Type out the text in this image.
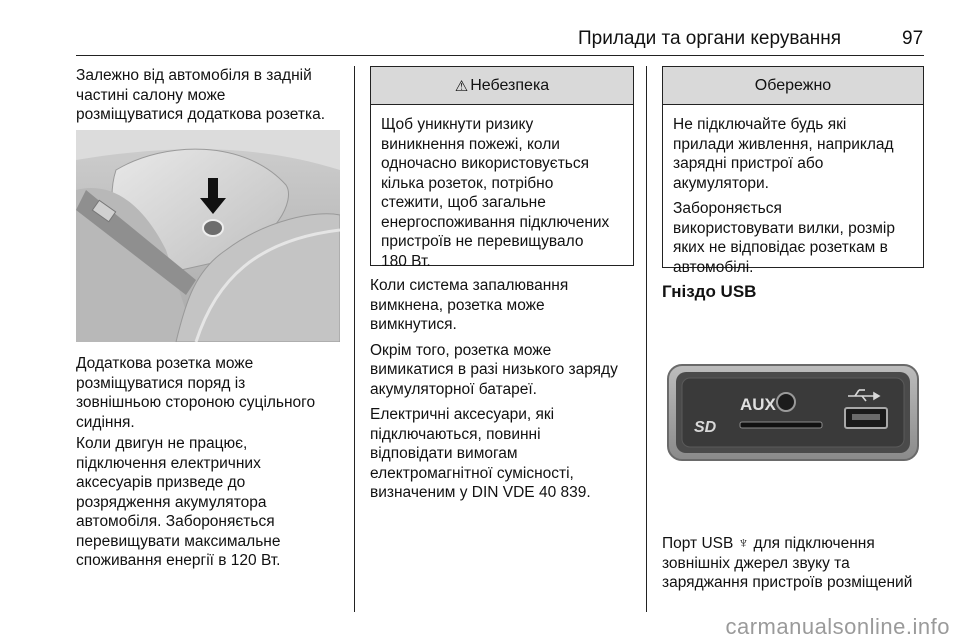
Прилади та органи керування	97
Залежно від автомобіля в задній
частині салону може
розміщуватися додаткова розетка.
Додаткова розетка може
розміщуватися поряд із
зовнішньою стороною суцільного
сидіння.
Коли двигун не працює,
підключення електричних
аксесуарів призведе до
розрядження акумулятора
автомобіля. Забороняється
перевищувати максимальне
споживання енергії в 120 Вт.
⚠ Небезпека
Щоб уникнути ризику
виникнення пожежі, коли
одночасно використовується
кілька розеток, потрібно
стежити, щоб загальне
енергоспоживання підключених
пристроїв не перевищувало
180 Вт.

Коли система запалювання
вимкнена, розетка може
вимкнутися.

Окрім того, розетка може
вимикатися в разі низького заряду
акумуляторної батареї.

Електричні аксесуари, які
підключаються, повинні
відповідати вимогам
електромагнітної сумісності,
визначеним у DIN VDE 40 839.

Обережно

Не підключайте будь які
прилади живлення, наприклад
зарядні пристрої або
акумулятори.

Забороняється
використовувати вилки, розмір
яких не відповідає розеткам в
автомобілі.

Гніздо USB
AUX
SD
Порт USB ♆ для підключення
зовнішніх джерел звуку та
заряджання пристроїв розміщений
carmanualsonline.info
